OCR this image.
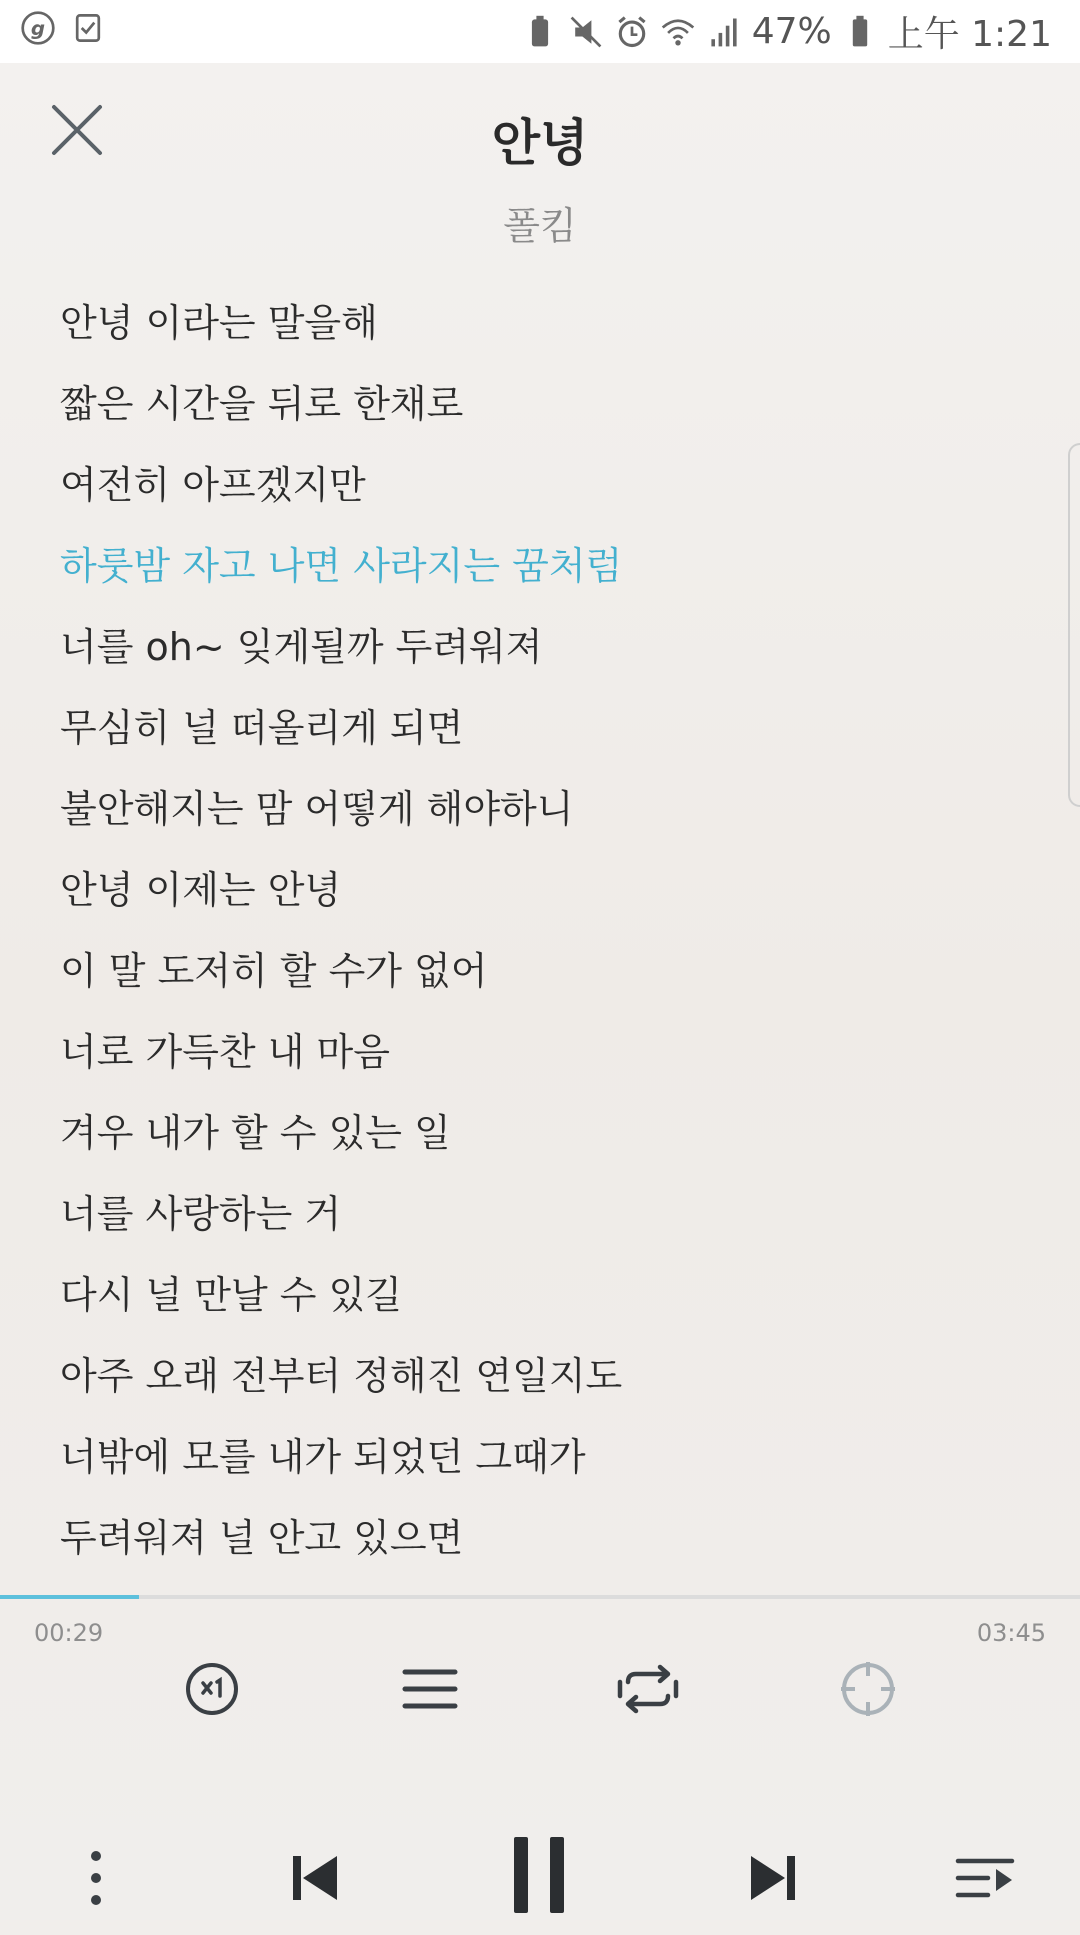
g	47% 上午 1:21
안녕
폴킴
안녕 이라는 말을해
짧은 시간을 뒤로 한채로
여전히 아프겠지만
하룻밤 자고 나면 사라지는 꿈처럼
너를 oh~ 잊게될까 두려워져
무심히 널 떠올리게 되면
불안해지는 맘 어떻게 해야하니
안녕 이제는 안녕
이 말 도저히 할 수가 없어
너로 가득찬 내 마음
겨우 내가 할 수 있는 일
너를 사랑하는 거
다시 널 만날 수 있길
아주 오래 전부터 정해진 연일지도
너밖에 모를 내가 되었던 그때가
두려워져 널 안고 있으면
00:29	03:45
